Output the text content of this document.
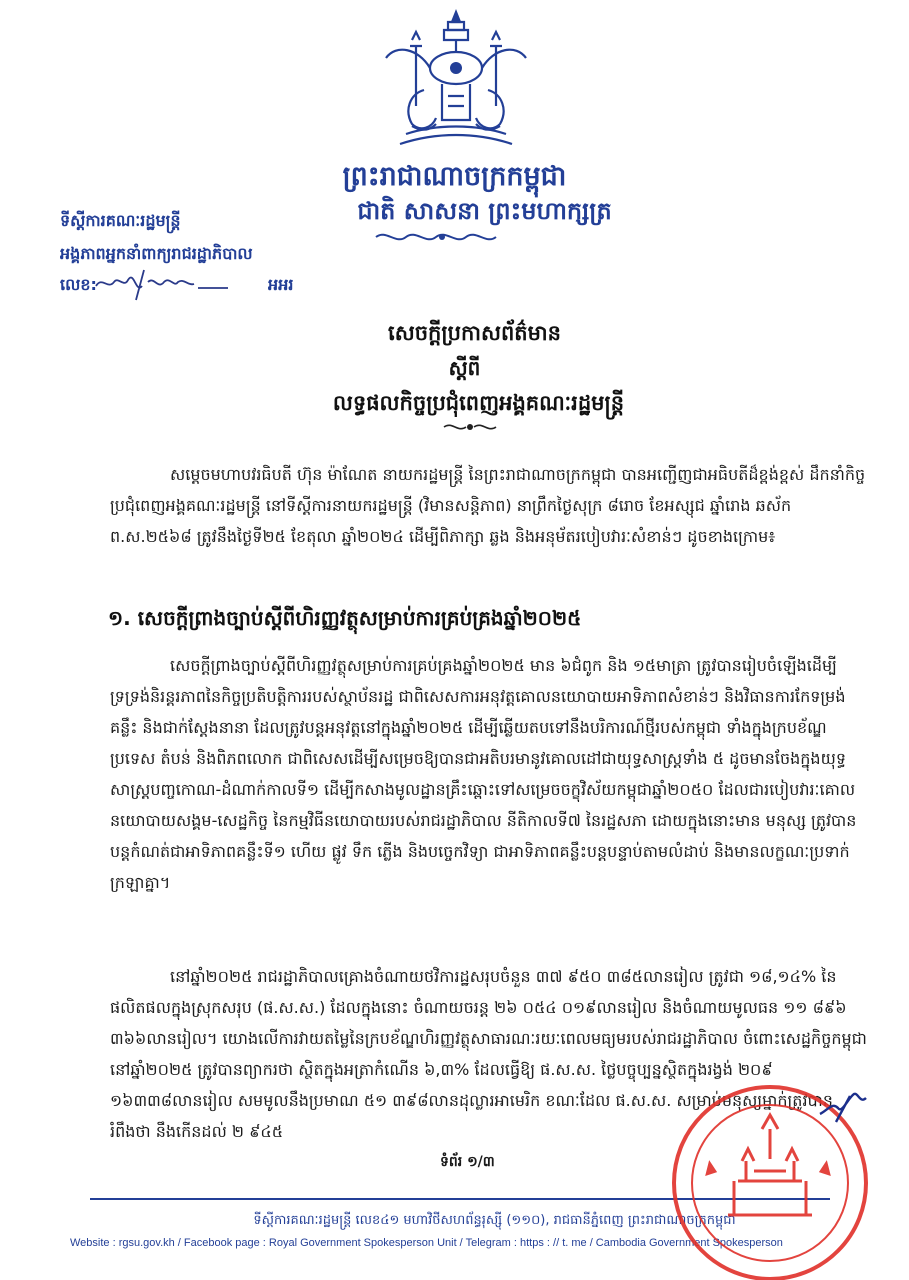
ព្រះរាជាណាចក្រកម្ពុជា
ជាតិ សាសនា ព្រះមហាក្សត្រ
ទីស្តីការគណៈរដ្ឋមន្ត្រី
អង្គភាពអ្នកនាំពាក្យរាជរដ្ឋាភិបាល
លេខ:	អអរ
សេចក្តីប្រកាសព័ត៌មាន
ស្តីពី
លទ្ធផលកិច្ចប្រជុំពេញអង្គគណៈរដ្ឋមន្ត្រី
សម្តេចមហាបវរធិបតី ហ៊ុន ម៉ាណែត នាយករដ្ឋមន្ត្រី នៃព្រះរាជាណាចក្រកម្ពុជា បានអញ្ជើញជាអធិបតីដ៏ខ្ពង់ខ្ពស់ ដឹកនាំកិច្ចប្រជុំពេញអង្គគណៈរដ្ឋមន្ត្រី នៅទីស្តីការនាយករដ្ឋមន្ត្រី (វិមានសន្តិភាព) នាព្រឹកថ្ងៃសុក្រ ៨រោច ខែអស្សុជ ឆ្នាំរោង ឆស័ក ព.ស.២៥៦៨ ត្រូវនឹងថ្ងៃទី២៥ ខែតុលា ឆ្នាំ២០២៤ ដើម្បីពិភាក្សា ឆ្លង និងអនុម័តរបៀបវារៈសំខាន់ៗ ដូចខាងក្រោម៖
១. សេចក្តីព្រាងច្បាប់ស្តីពីហិរញ្ញវត្ថុសម្រាប់ការគ្រប់គ្រងឆ្នាំ២០២៥
សេចក្តីព្រាងច្បាប់ស្តីពីហិរញ្ញវត្ថុសម្រាប់ការគ្រប់គ្រងឆ្នាំ២០២៥ មាន ៦ជំពូក និង ១៥មាត្រា ត្រូវបានរៀបចំឡើងដើម្បីទ្រទ្រង់និរន្តរភាពនៃកិច្ចប្រតិបត្តិការរបស់ស្ថាប័នរដ្ឋ ជាពិសេសការអនុវត្តគោលនយោបាយអាទិភាពសំខាន់ៗ និងវិធានការកែទម្រង់គន្លឹះ និងជាក់ស្តែងនានា ដែលត្រូវបន្តអនុវត្តនៅក្នុងឆ្នាំ២០២៥ ដើម្បីឆ្លើយតបទៅនឹងបរិការណ៍ថ្មីរបស់កម្ពុជា ទាំងក្នុងក្របខ័ណ្ឌប្រទេស តំបន់ និងពិភពលោក ជាពិសេសដើម្បីសម្រេចឱ្យបានជាអតិបរមានូវគោលដៅជាយុទ្ធសាស្ត្រទាំង ៥ ដូចមានចែងក្នុងយុទ្ធសាស្ត្របញ្ចកោណ-ដំណាក់កាលទី១ ដើម្បីកសាងមូលដ្ឋានគ្រឹះឆ្ពោះទៅសម្រេចចក្ខុវិស័យកម្ពុជាឆ្នាំ២០៥០ ដែលជារបៀបវារៈគោលនយោបាយសង្គម-សេដ្ឋកិច្ច នៃកម្មវិធីនយោបាយរបស់រាជរដ្ឋាភិបាល នីតិកាលទី៧ នៃរដ្ឋសភា ដោយក្នុងនោះមាន មនុស្ស ត្រូវបានបន្តកំណត់ជាអាទិភាពគន្លឹះទី១ ហើយ ផ្លូវ ទឹក ភ្លើង និងបច្ចេកវិទ្យា ជាអាទិភាពគន្លឹះបន្តបន្ទាប់តាមលំដាប់ និងមានលក្ខណៈប្រទាក់ក្រឡាគ្នា។
នៅឆ្នាំ២០២៥ រាជរដ្ឋាភិបាលគ្រោងចំណាយថវិការដ្ឋសរុបចំនួន ៣៧ ៩៥០ ៣៨៥លានរៀល ត្រូវជា ១៨,១៤% នៃ ផលិតផលក្នុងស្រុកសរុប (ផ.ស.ស.) ដែលក្នុងនោះ ចំណាយចរន្ត ២៦ ០៥៤ ០១៩លានរៀល និងចំណាយមូលធន ១១ ៨៩៦ ៣៦៦លានរៀល។ យោងលើការវាយតម្លៃនៃក្របខ័ណ្ឌហិរញ្ញវត្ថុសាធារណៈរយៈពេលមធ្យមរបស់រាជរដ្ឋាភិបាល ចំពោះសេដ្ឋកិច្ចកម្ពុជានៅឆ្នាំ២០២៥ ត្រូវបានព្យាករថា ស្ថិតក្នុងអត្រាកំណើន ៦,៣% ដែលធ្វើឱ្យ ផ.ស.ស. ថ្លៃបច្ចុប្បន្នស្ថិតក្នុងរង្វង់ ២០៩ ១៦៣៣៨លានរៀល សមមូលនឹងប្រមាណ ៥១ ៣៩៨លានដុល្លារអាមេរិក ខណៈដែល ផ.ស.ស. សម្រាប់មនុស្សម្នាក់ត្រូវបានរំពឹងថា នឹងកើនដល់ ២ ៩៤៥
ទំព័រ ១/៣
ទីស្តីការគណៈរដ្ឋមន្ត្រី លេខ៤១ មហាវិថីសហព័ន្ធរុស្ស៊ី (១១០), រាជធានីភ្នំពេញ ព្រះរាជាណាចក្រកម្ពុជា
Website : rgsu.gov.kh / Facebook page : Royal Government Spokesperson Unit / Telegram : https : // t. me / Cambodia Government Spokesperson
